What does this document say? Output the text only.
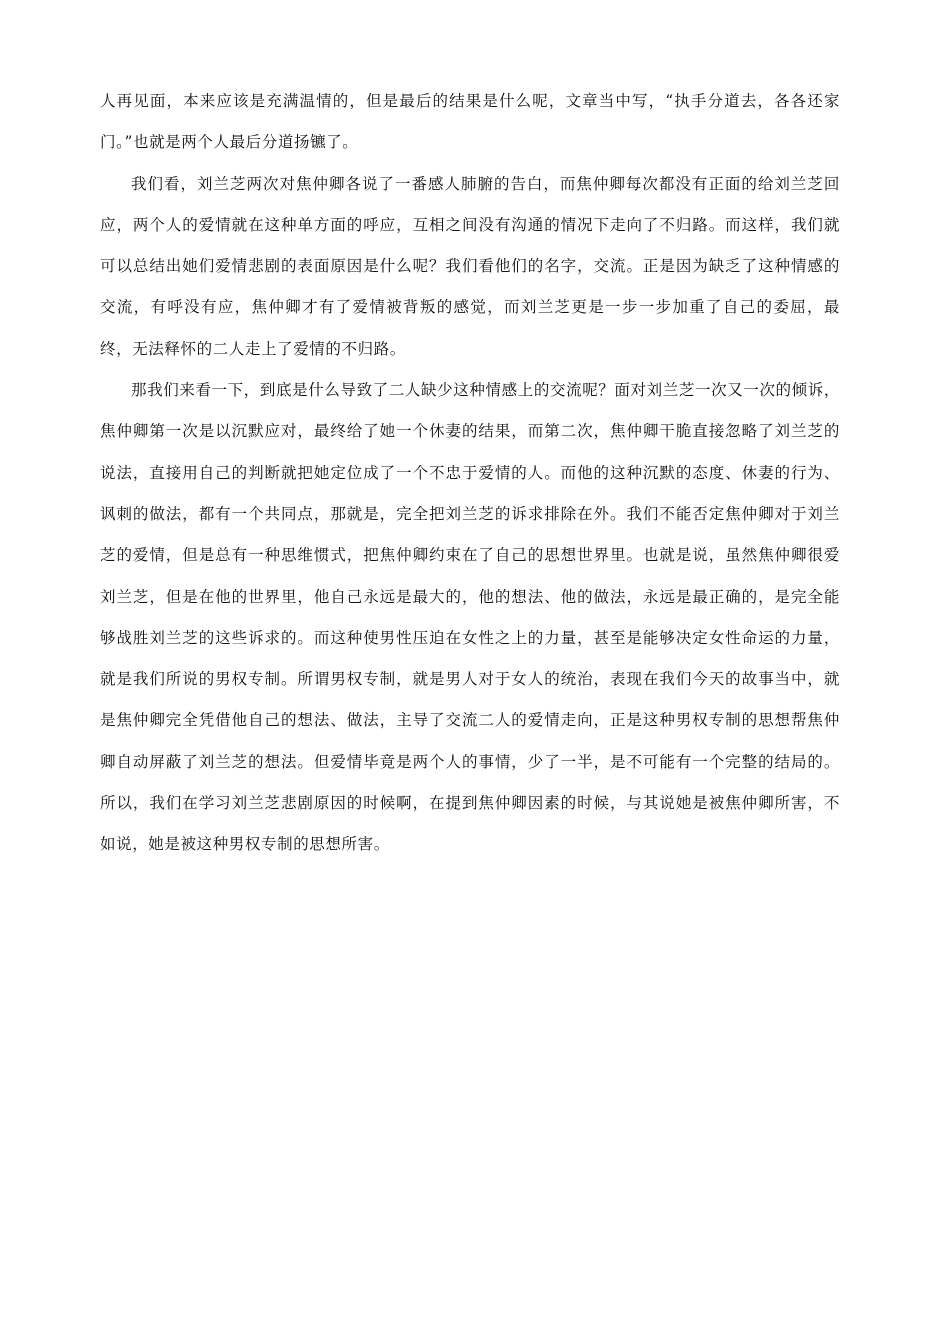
人再见面，本来应该是充满温情的，但是最后的结果是什么呢，文章当中写，“执手分道去，各各还家门。”也就是两个人最后分道扬镳了。

我们看，刘兰芝两次对焦仲卿各说了一番感人肺腑的告白，而焦仲卿每次都没有正面的给刘兰芝回应，两个人的爱情就在这种单方面的呼应，互相之间没有沟通的情况下走向了不归路。而这样，我们就可以总结出她们爱情悲剧的表面原因是什么呢？我们看他们的名字，交流。正是因为缺乏了这种情感的交流，有呼没有应，焦仲卿才有了爱情被背叛的感觉，而刘兰芝更是一步一步加重了自己的委屈，最终，无法释怀的二人走上了爱情的不归路。

那我们来看一下，到底是什么导致了二人缺少这种情感上的交流呢？面对刘兰芝一次又一次的倾诉，焦仲卿第一次是以沉默应对，最终给了她一个休妻的结果，而第二次，焦仲卿干脆直接忽略了刘兰芝的说法，直接用自己的判断就把她定位成了一个不忠于爱情的人。而他的这种沉默的态度、休妻的行为、讽刺的做法，都有一个共同点，那就是，完全把刘兰芝的诉求排除在外。我们不能否定焦仲卿对于刘兰芝的爱情，但是总有一种思维惯式，把焦仲卿约束在了自己的思想世界里。也就是说，虽然焦仲卿很爱刘兰芝，但是在他的世界里，他自己永远是最大的，他的想法、他的做法，永远是最正确的，是完全能够战胜刘兰芝的这些诉求的。而这种使男性压迫在女性之上的力量，甚至是能够决定女性命运的力量，就是我们所说的男权专制。所谓男权专制，就是男人对于女人的统治，表现在我们今天的故事当中，就是焦仲卿完全凭借他自己的想法、做法，主导了交流二人的爱情走向，正是这种男权专制的思想帮焦仲卿自动屏蔽了刘兰芝的想法。但爱情毕竟是两个人的事情，少了一半，是不可能有一个完整的结局的。所以，我们在学习刘兰芝悲剧原因的时候啊，在提到焦仲卿因素的时候，与其说她是被焦仲卿所害，不如说，她是被这种男权专制的思想所害。
